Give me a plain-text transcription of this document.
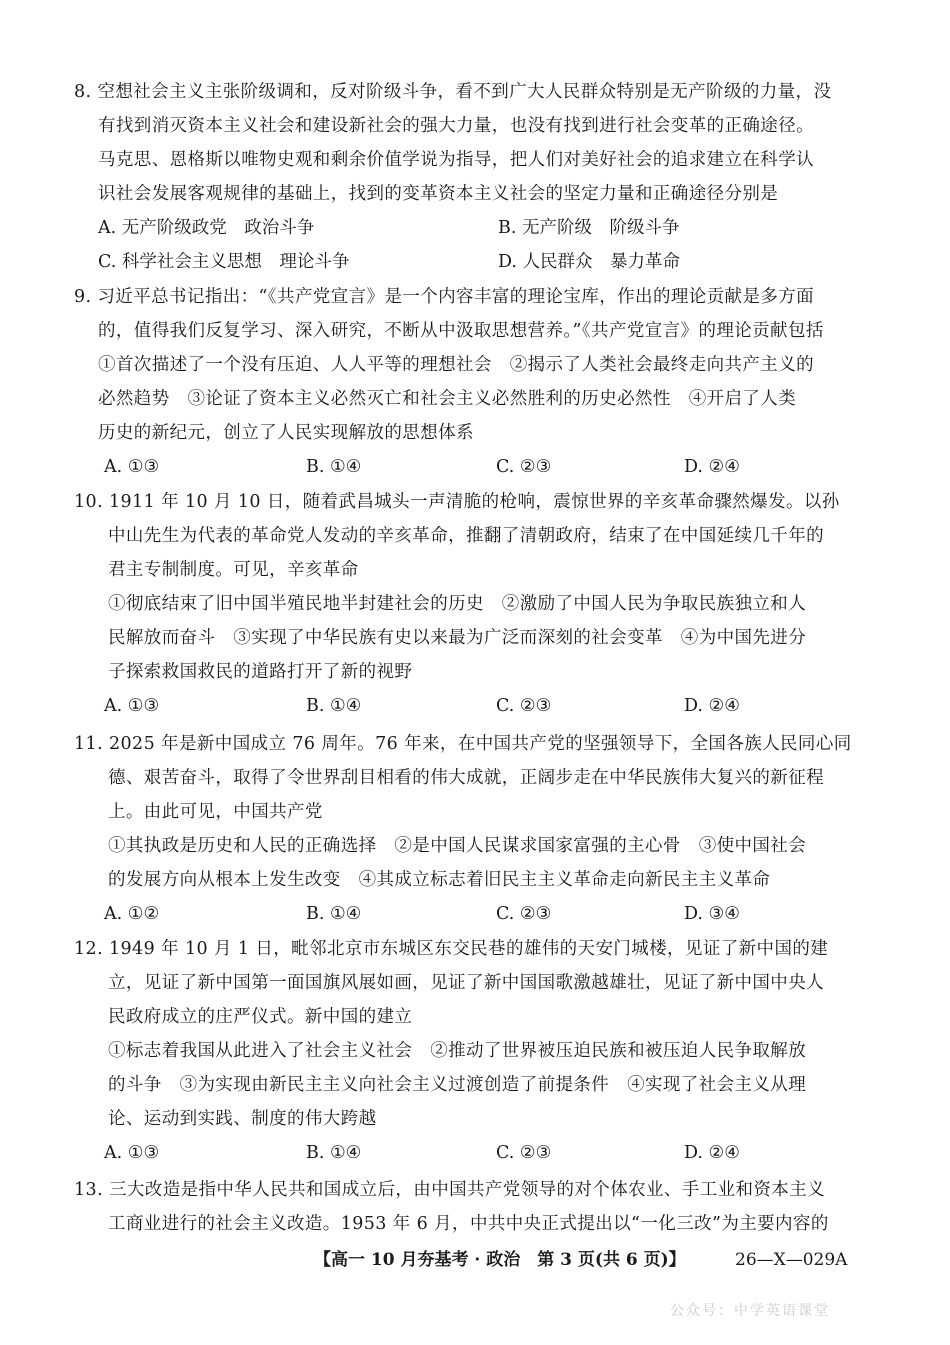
8. 空想社会主义主张阶级调和，反对阶级斗争，看不到广大人民群众特别是无产阶级的力量，没
有找到消灭资本主义社会和建设新社会的强大力量，也没有找到进行社会变革的正确途径。
马克思、恩格斯以唯物史观和剩余价值学说为指导，把人们对美好社会的追求建立在科学认
识社会发展客观规律的基础上，找到的变革资本主义社会的坚定力量和正确途径分别是
A. 无产阶级政党　政治斗争	B. 无产阶级　阶级斗争
C. 科学社会主义思想　理论斗争	D. 人民群众　暴力革命
9. 习近平总书记指出：“《共产党宣言》是一个内容丰富的理论宝库，作出的理论贡献是多方面
的，值得我们反复学习、深入研究，不断从中汲取思想营养。”《共产党宣言》的理论贡献包括
①首次描述了一个没有压迫、人人平等的理想社会　②揭示了人类社会最终走向共产主义的
必然趋势　③论证了资本主义必然灭亡和社会主义必然胜利的历史必然性　④开启了人类
历史的新纪元，创立了人民实现解放的思想体系
A. ①③	B. ①④	C. ②③	D. ②④
10. 1911 年 10 月 10 日，随着武昌城头一声清脆的枪响，震惊世界的辛亥革命骤然爆发。以孙
中山先生为代表的革命党人发动的辛亥革命，推翻了清朝政府，结束了在中国延续几千年的
君主专制制度。可见，辛亥革命
①彻底结束了旧中国半殖民地半封建社会的历史　②激励了中国人民为争取民族独立和人
民解放而奋斗　③实现了中华民族有史以来最为广泛而深刻的社会变革　④为中国先进分
子探索救国救民的道路打开了新的视野
A. ①③	B. ①④	C. ②③	D. ②④
11. 2025 年是新中国成立 76 周年。76 年来，在中国共产党的坚强领导下，全国各族人民同心同
德、艰苦奋斗，取得了令世界刮目相看的伟大成就，正阔步走在中华民族伟大复兴的新征程
上。由此可见，中国共产党
①其执政是历史和人民的正确选择　②是中国人民谋求国家富强的主心骨　③使中国社会
的发展方向从根本上发生改变　④其成立标志着旧民主主义革命走向新民主主义革命
A. ①②	B. ①④	C. ②③	D. ③④
12. 1949 年 10 月 1 日，毗邻北京市东城区东交民巷的雄伟的天安门城楼，见证了新中国的建
立，见证了新中国第一面国旗风展如画，见证了新中国国歌激越雄壮，见证了新中国中央人
民政府成立的庄严仪式。新中国的建立
①标志着我国从此进入了社会主义社会　②推动了世界被压迫民族和被压迫人民争取解放
的斗争　③为实现由新民主主义向社会主义过渡创造了前提条件　④实现了社会主义从理
论、运动到实践、制度的伟大跨越
A. ①③	B. ①④	C. ②③	D. ②④
13. 三大改造是指中华人民共和国成立后，由中国共产党领导的对个体农业、手工业和资本主义
工商业进行的社会主义改造。1953 年 6 月，中共中央正式提出以“一化三改”为主要内容的
【高一 10 月夯基考 · 政治　第 3 页(共 6 页)】	26—X—029A
公众号：中学英语课堂
